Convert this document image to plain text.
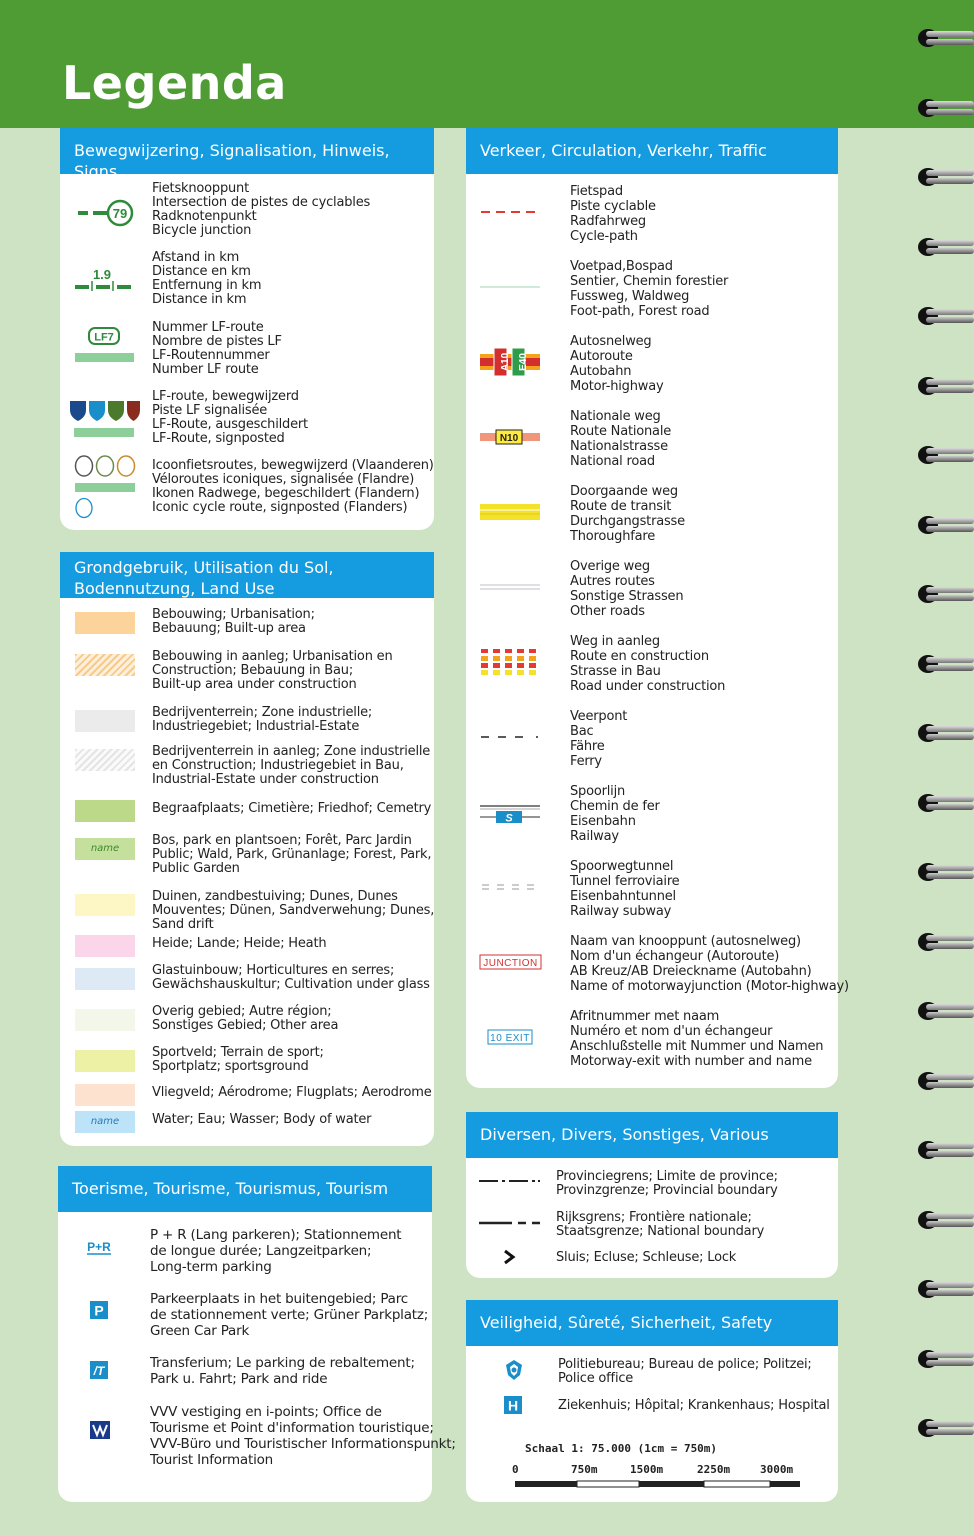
Legenda
Bewegwijzering, Signalisation, Hinweis, Signs
79
Fietsknooppunt
Intersection de pistes de cyclables
Radknotenpunkt
Bicycle junction
1.9
Afstand in km
Distance en km
Entfernung in km
Distance in km
LF7
Nummer LF-route
Nombre de pistes LF
LF-Routennummer
Number LF route
LF-route, bewegwijzerd
Piste LF signalisée
LF-Route, ausgeschildert
LF-Route, signposted
Icoonfietsroutes, bewegwijzerd (Vlaanderen)
Véloroutes iconiques, signalisée (Flandre)
Ikonen Radwege, begeschildert (Flandern)
Iconic cycle route, signposted (Flanders)
Grondgebruik, Utilisation du Sol,
Bodennutzung, Land Use
Bebouwing; Urbanisation;
Bebauung; Built-up area
Bebouwing in aanleg; Urbanisation en
Construction; Bebauung in Bau;
Built-up area under construction
Bedrijventerrein; Zone industrielle;
Industriegebiet; Industrial-Estate
Bedrijventerrein in aanleg; Zone industrielle
en Construction; Industriegebiet in Bau,
Industrial-Estate under construction
Begraafplaats; Cimetière; Friedhof; Cemetry
name
Bos, park en plantsoen; Forêt, Parc Jardin
Public; Wald, Park, Grünanlage; Forest, Park,
Public Garden
Duinen, zandbestuiving; Dunes, Dunes
Mouventes; Dünen, Sandverwehung; Dunes,
Sand drift
Heide; Lande; Heide; Heath
Glastuinbouw; Horticultures en serres;
Gewächshauskultur; Cultivation under glass
Overig gebied; Autre région;
Sonstiges Gebied; Other area
Sportveld; Terrain de sport;
Sportplatz; sportsground
Vliegveld; Aérodrome; Flugplats; Aerodrome
name	Water; Eau; Wasser; Body of water
Toerisme, Tourisme, Tourismus, Tourism
P+R
P + R (Lang parkeren); Stationnement
de longue durée; Langzeitparken;
Long-term parking
P
Parkeerplaats in het buitengebied; Parc
de stationnement verte; Grüner Parkplatz;
Green Car Park
/T	Transferium; Le parking de rebaltement;
Park u. Fahrt; Park and ride
VVV vestiging en i-points; Office de
Tourisme et Point d'information touristique;
VVV-Büro und Touristischer Informationspunkt;
Tourist Information
Verkeer, Circulation, Verkehr, Traffic
Fietspad
Piste cyclable
Radfahrweg
Cycle-path
Voetpad,Bospad
Sentier, Chemin forestier
Fussweg, Waldweg
Foot-path, Forest road
A10 E40
Autosnelweg
Autoroute
Autobahn
Motor-highway
N10
Nationale weg
Route Nationale
Nationalstrasse
National road
Doorgaande weg
Route de transit
Durchgangstrasse
Thoroughfare
Overige weg
Autres routes
Sonstige Strassen
Other roads
Weg in aanleg
Route en construction
Strasse in Bau
Road under construction
Veerpont
Bac
Fähre
Ferry
S
Spoorlijn
Chemin de fer
Eisenbahn
Railway
Spoorwegtunnel
Tunnel ferroviaire
Eisenbahntunnel
Railway subway
JUNCTION
Naam van knooppunt (autosnelweg)
Nom d'un échangeur (Autoroute)
AB Kreuz/AB Dreieckname (Autobahn)
Name of motorwayjunction (Motor-highway)
10 EXIT
Afritnummer met naam
Numéro et nom d'un échangeur
Anschlußstelle mit Nummer und Namen
Motorway-exit with number and name
Diversen, Divers, Sonstiges, Various
Provinciegrens; Limite de province;
Provinzgrenze; Provincial boundary
Rijksgrens; Frontière nationale;
Staatsgrenze; National boundary
Sluis; Ecluse; Schleuse; Lock
Veiligheid, Sûreté, Sicherheit, Safety
Politiebureau; Bureau de police; Politzei;
Police office
H	Ziekenhuis; Hôpital; Krankenhaus; Hospital
Schaal 1: 75.000 (1cm = 750m)
0	750m	1500m	2250m	3000m
